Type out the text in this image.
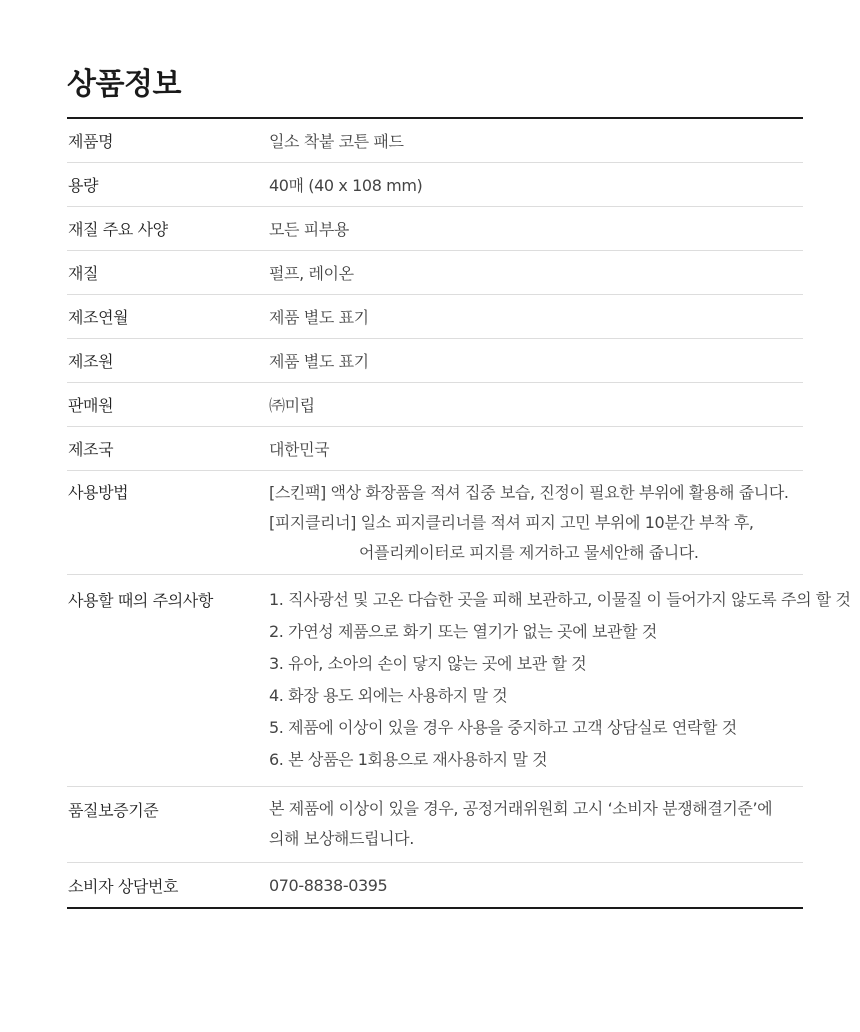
상품정보
제품명	일소 착붙 코튼 패드
용량	40매 (40 x 108 mm)
재질 주요 사양	모든 피부용
재질	펄프, 레이온
제조연월	제품 별도 표기
제조원	제품 별도 표기
판매원	㈜미립
제조국	대한민국
사용방법	[스킨팩] 액상 화장품을 적셔 집중 보습, 진정이 필요한 부위에 활용해 줍니다.
[피지클리너] 일소 피지클리너를 적셔 피지 고민 부위에 10분간 부착 후,
어플리케이터로 피지를 제거하고 물세안해 줍니다.
사용할 때의 주의사항	1. 직사광선 및 고온 다습한 곳을 피해 보관하고, 이물질 이 들어가지 않도록 주의 할 것
2. 가연성 제품으로 화기 또는 열기가 없는 곳에 보관할 것
3. 유아, 소아의 손이 닿지 않는 곳에 보관 할 것
4. 화장 용도 외에는 사용하지 말 것
5. 제품에 이상이 있을 경우 사용을 중지하고 고객 상담실로 연락할 것
6. 본 상품은 1회용으로 재사용하지 말 것
품질보증기준	본 제품에 이상이 있을 경우, 공정거래위원회 고시 ‘소비자 분쟁해결기준’에
의해 보상해드립니다.
소비자 상담번호	070-8838-0395
